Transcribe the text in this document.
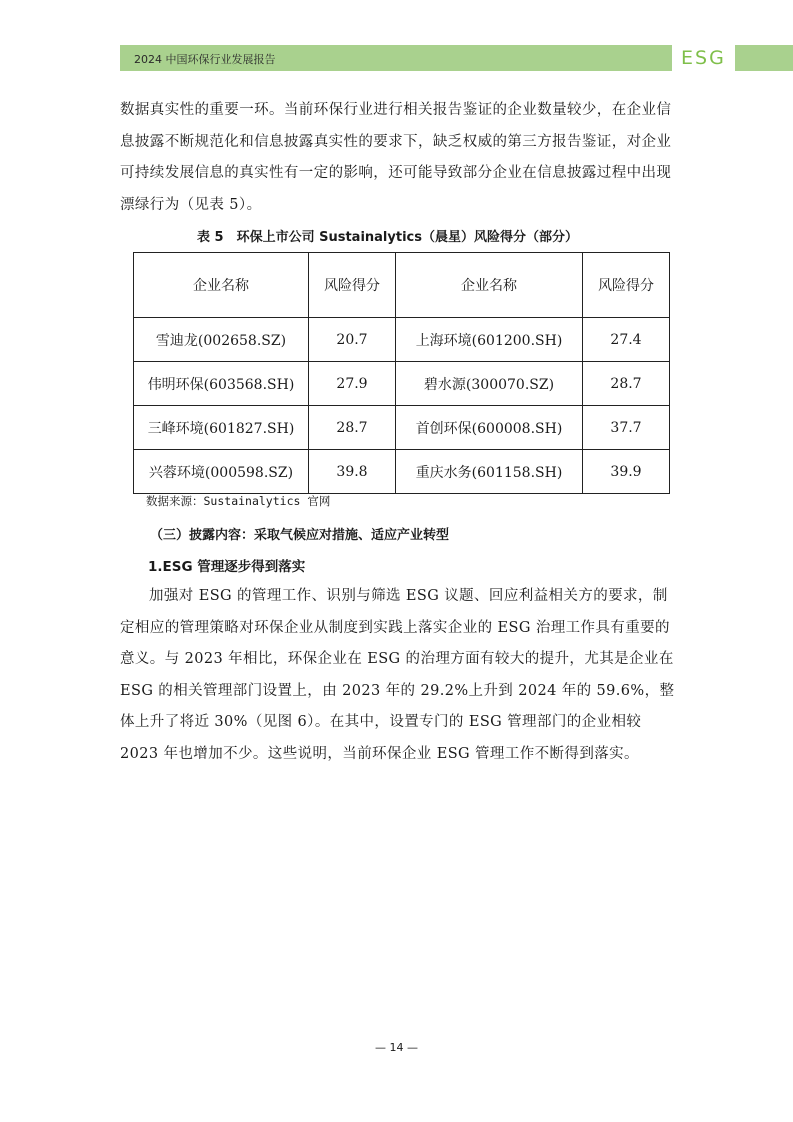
2024 中国环保行业发展报告	ESG

数据真实性的重要一环。当前环保行业进行相关报告鉴证的企业数量较少，在企业信息披露不断规范化和信息披露真实性的要求下，缺乏权威的第三方报告鉴证，对企业可持续发展信息的真实性有一定的影响，还可能导致部分企业在信息披露过程中出现漂绿行为（见表 5）。

表 5　环保上市公司 Sustainalytics（晨星）风险得分（部分）
企业名称	风险得分	企业名称	风险得分
雪迪龙(002658.SZ)	20.7	上海环境(601200.SH)	27.4
伟明环保(603568.SH)	27.9	碧水源(300070.SZ)	28.7
三峰环境(601827.SH)	28.7	首创环保(600008.SH)	37.7
兴蓉环境(000598.SZ)	39.8	重庆水务(601158.SH)	39.9
数据来源：Sustainalytics 官网
（三）披露内容：采取气候应对措施、适应产业转型
1.ESG 管理逐步得到落实

加强对 ESG 的管理工作、识别与筛选 ESG 议题、回应利益相关方的要求，制定相应的管理策略对环保企业从制度到实践上落实企业的 ESG 治理工作具有重要的意义。与 2023 年相比，环保企业在 ESG 的治理方面有较大的提升，尤其是企业在 ESG 的相关管理部门设置上，由 2023 年的 29.2%上升到 2024 年的 59.6%，整体上升了将近 30%（见图 6）。在其中，设置专门的 ESG 管理部门的企业相较 2023 年也增加不少。这些说明，当前环保企业 ESG 管理工作不断得到落实。

— 14 —
